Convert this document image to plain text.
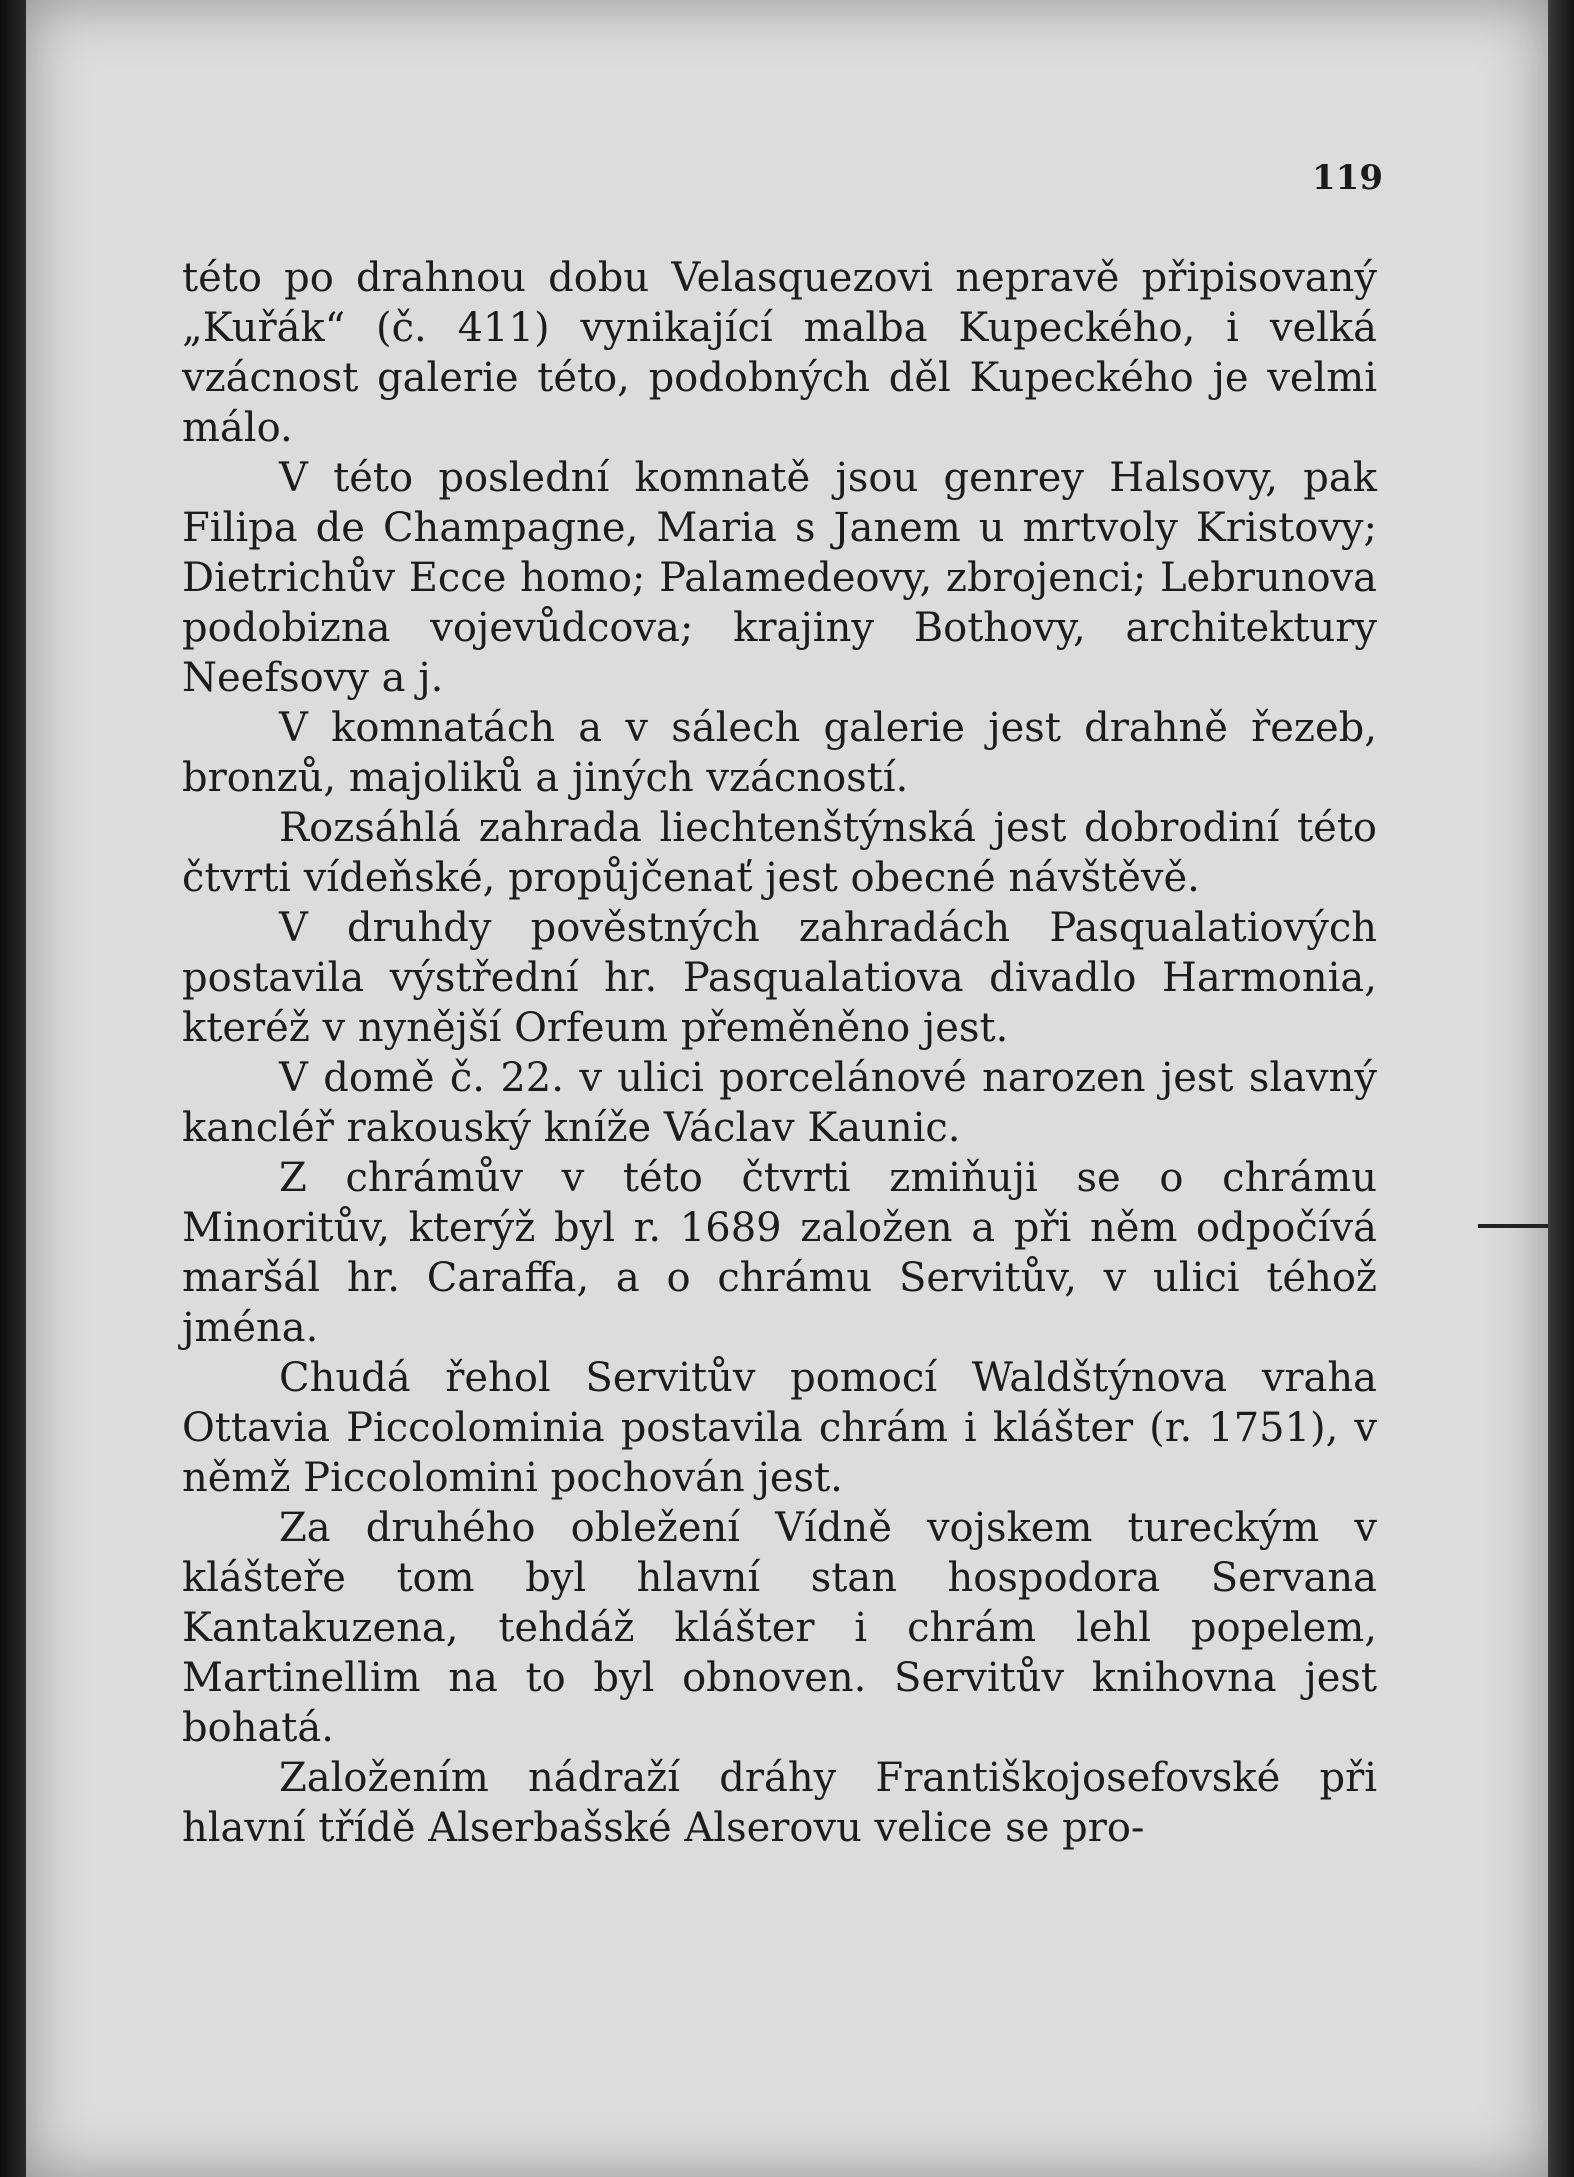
119

této po drahnou dobu Velasquezovi nepravě připisovaný „Kuřák“ (č. 411) vynikající malba Kupeckého, i velká vzácnost galerie této, podobných děl Kupeckého je velmi málo.

V této poslední komnatě jsou genrey Halsovy, pak Filipa de Champagne, Maria s Janem u mrtvoly Kristovy; Dietrichův Ecce homo; Palamedeovy, zbrojenci; Lebrunova podobizna vojevůdcova; krajiny Bothovy, architektury Neefsovy a j.

V komnatách a v sálech galerie jest drahně řezeb, bronzů, majoliků a jiných vzácností.

Rozsáhlá zahrada liechtenštýnská jest dobrodiní této čtvrti vídeňské, propůjčenať jest obecné návštěvě.

V druhdy pověstných zahradách Pasqualatiových postavila výstřední hr. Pasqualatiova divadlo Harmonia, kteréž v nynější Orfeum přeměněno jest.

V domě č. 22. v ulici porcelánové narozen jest slavný kancléř rakouský kníže Václav Kaunic.

Z chrámův v této čtvrti zmiňuji se o chrámu Minoritův, kterýž byl r. 1689 založen a při něm odpočívá maršál hr. Caraffa, a o chrámu Servitův, v ulici téhož jména.

Chudá řehol Servitův pomocí Waldštýnova vraha Ottavia Piccolominia postavila chrám i klášter (r. 1751), v němž Piccolomini pochován jest.

Za druhého obležení Vídně vojskem tureckým v klášteře tom byl hlavní stan hospodora Servana Kantakuzena, tehdáž klášter i chrám lehl popelem, Martinellim na to byl obnoven. Servitův knihovna jest bohatá.

Založením nádraží dráhy Františkojosefovské při hlavní třídě Alserbašské Alserovu velice se pro-
